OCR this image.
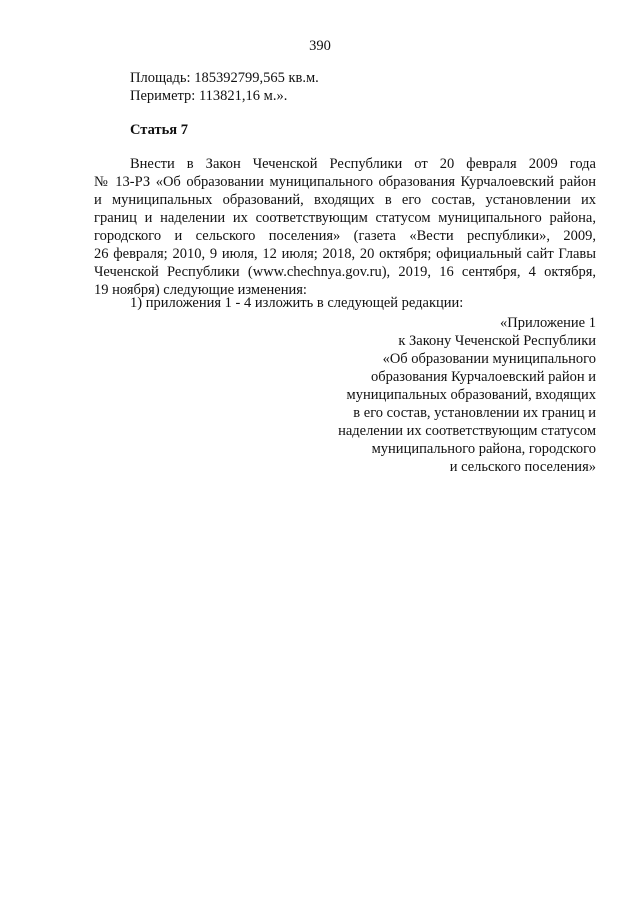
390
Площадь: 185392799,565 кв.м.
Периметр: 113821,16 м.».
Статья 7
Внести в Закон Чеченской Республики от 20 февраля 2009 года
№ 13-РЗ «Об образовании муниципального образования Курчалоевский район
и муниципальных образований, входящих в его состав, установлении их
границ и наделении их соответствующим статусом муниципального района,
городского и сельского поселения» (газета «Вести республики», 2009,
26 февраля; 2010, 9 июля, 12 июля; 2018, 20 октября; официальный сайт Главы
Чеченской Республики (www.chechnya.gov.ru), 2019, 16 сентября, 4 октября,
19 ноября) следующие изменения:
1) приложения 1 - 4 изложить в следующей редакции:
«Приложение 1
к Закону Чеченской Республики
«Об образовании муниципального
образования Курчалоевский район и
муниципальных образований, входящих
в его состав, установлении их границ и
наделении их соответствующим статусом
муниципального района, городского
и сельского поселения»
